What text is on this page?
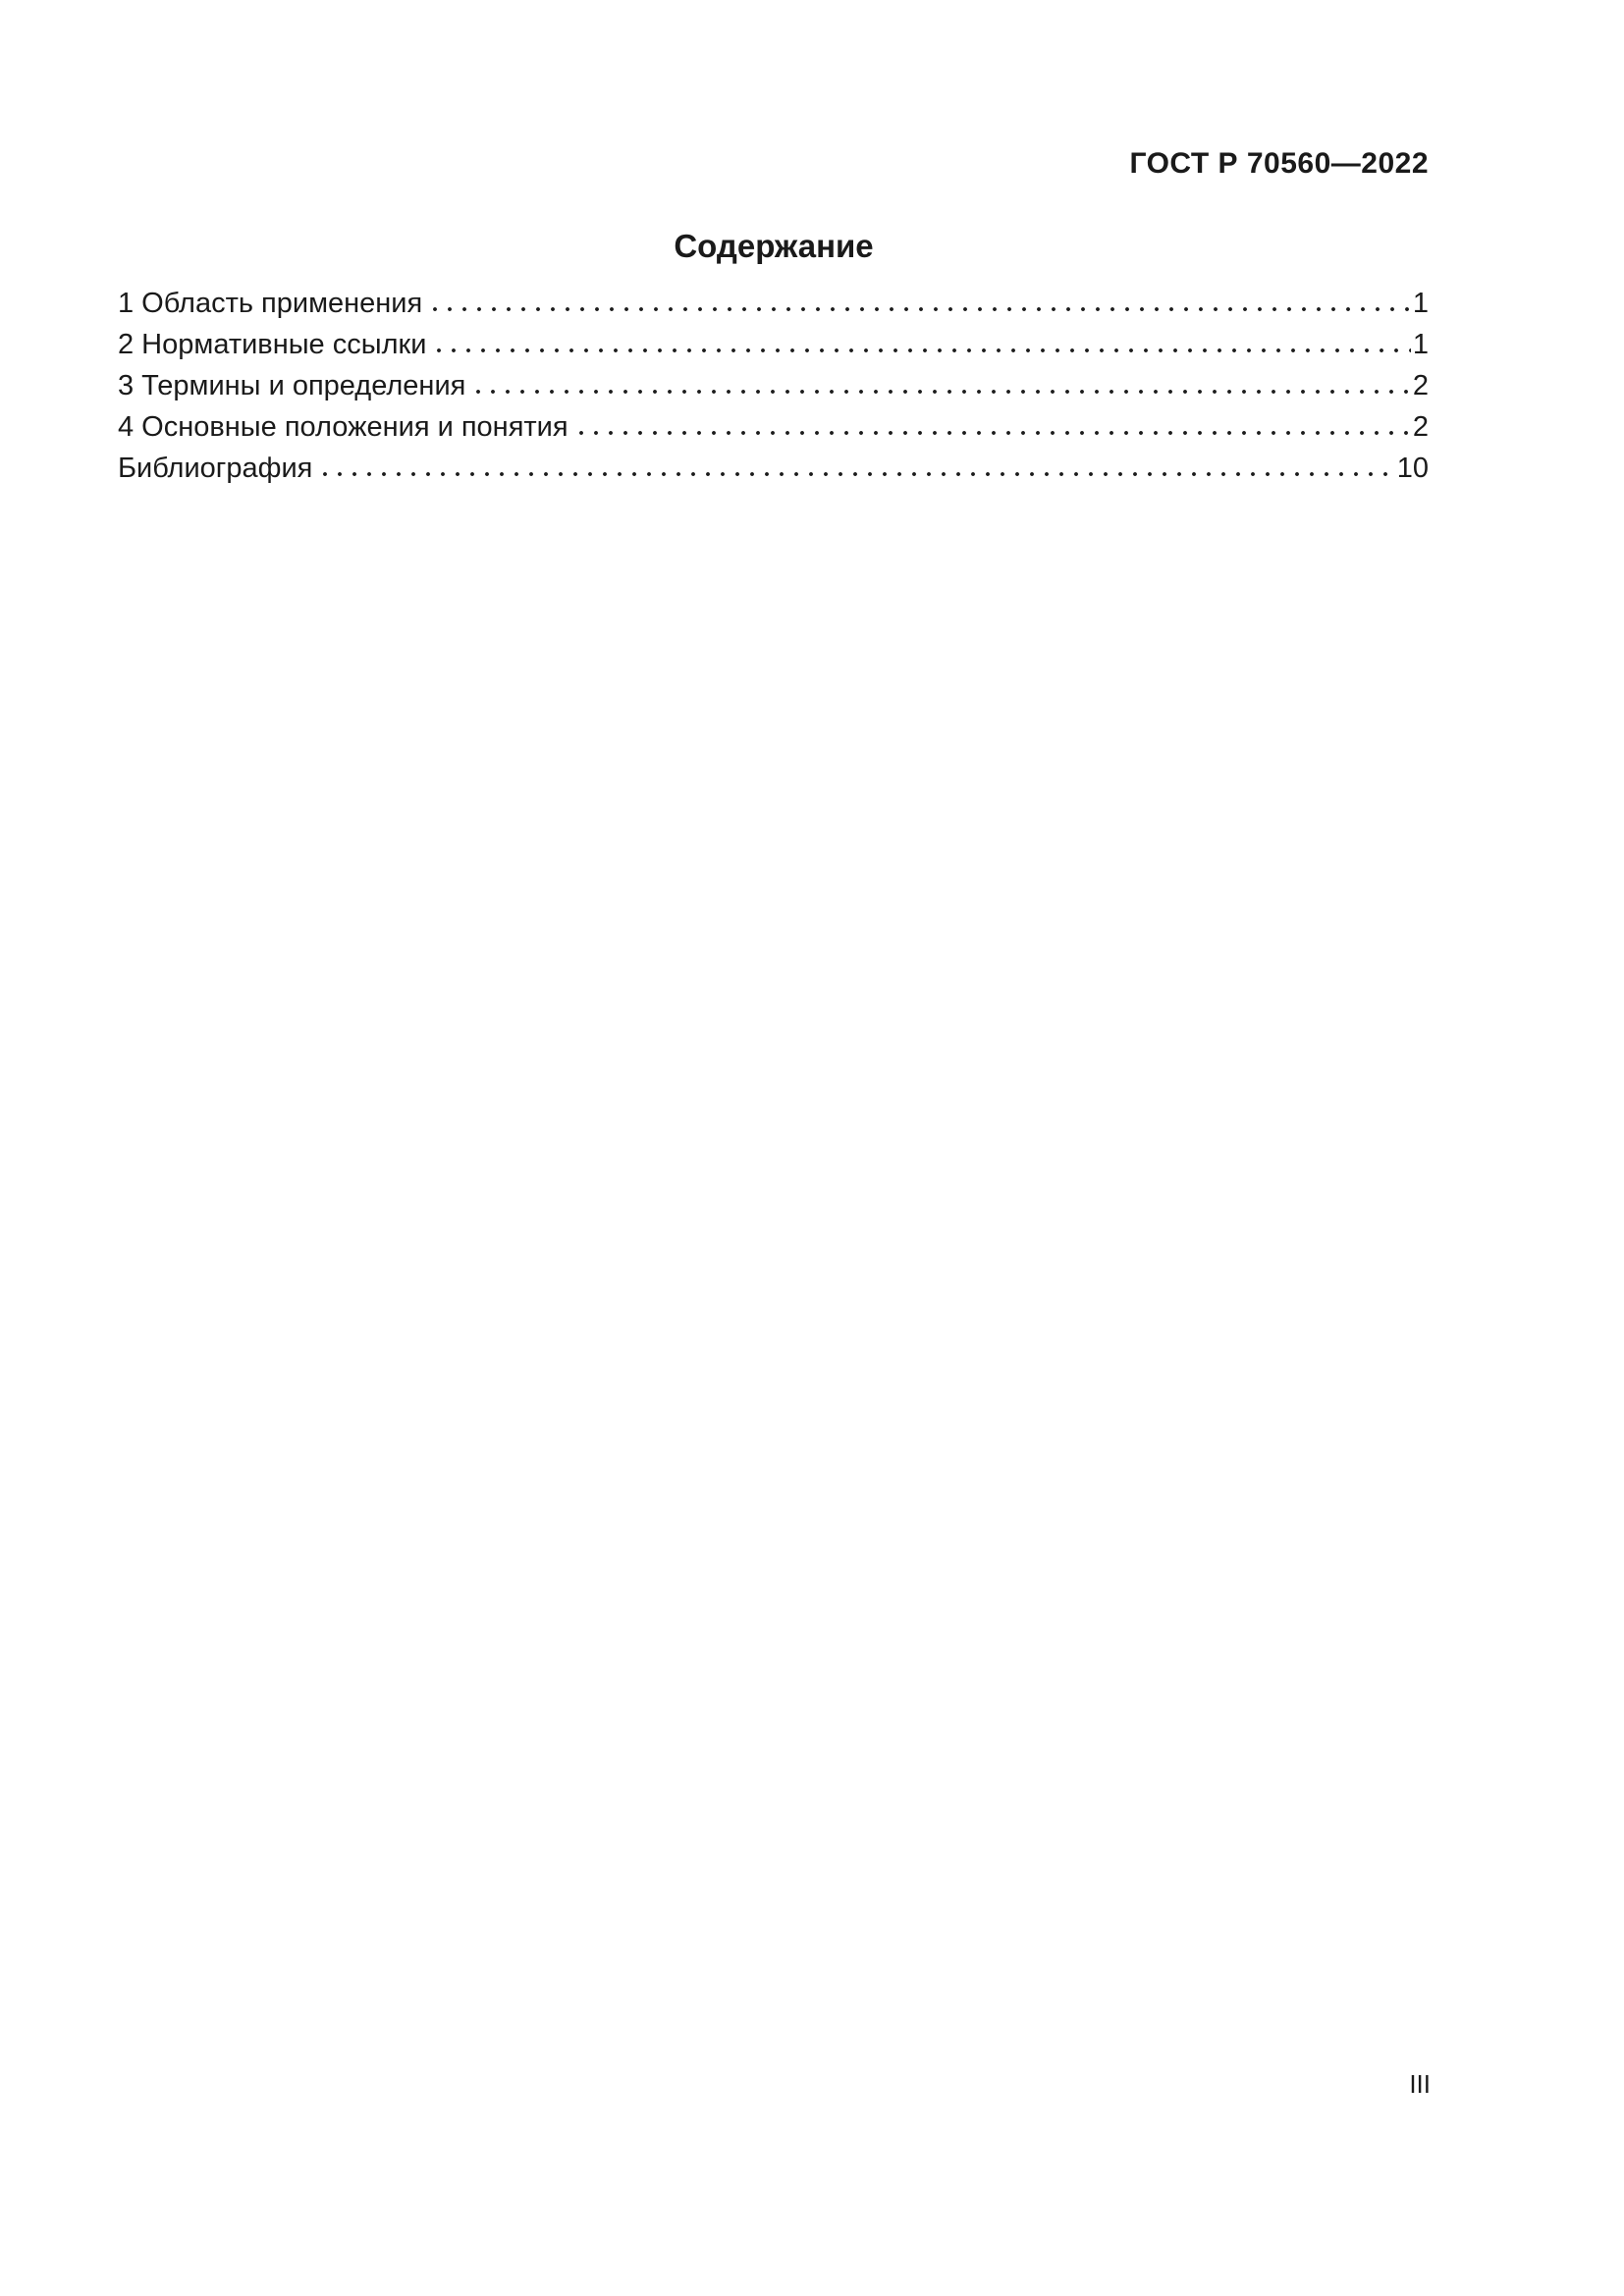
ГОСТ Р 70560—2022
Содержание
1 Область применения	1
2 Нормативные ссылки	1
3 Термины и определения	2
4 Основные положения и понятия	2
Библиография	10
III
